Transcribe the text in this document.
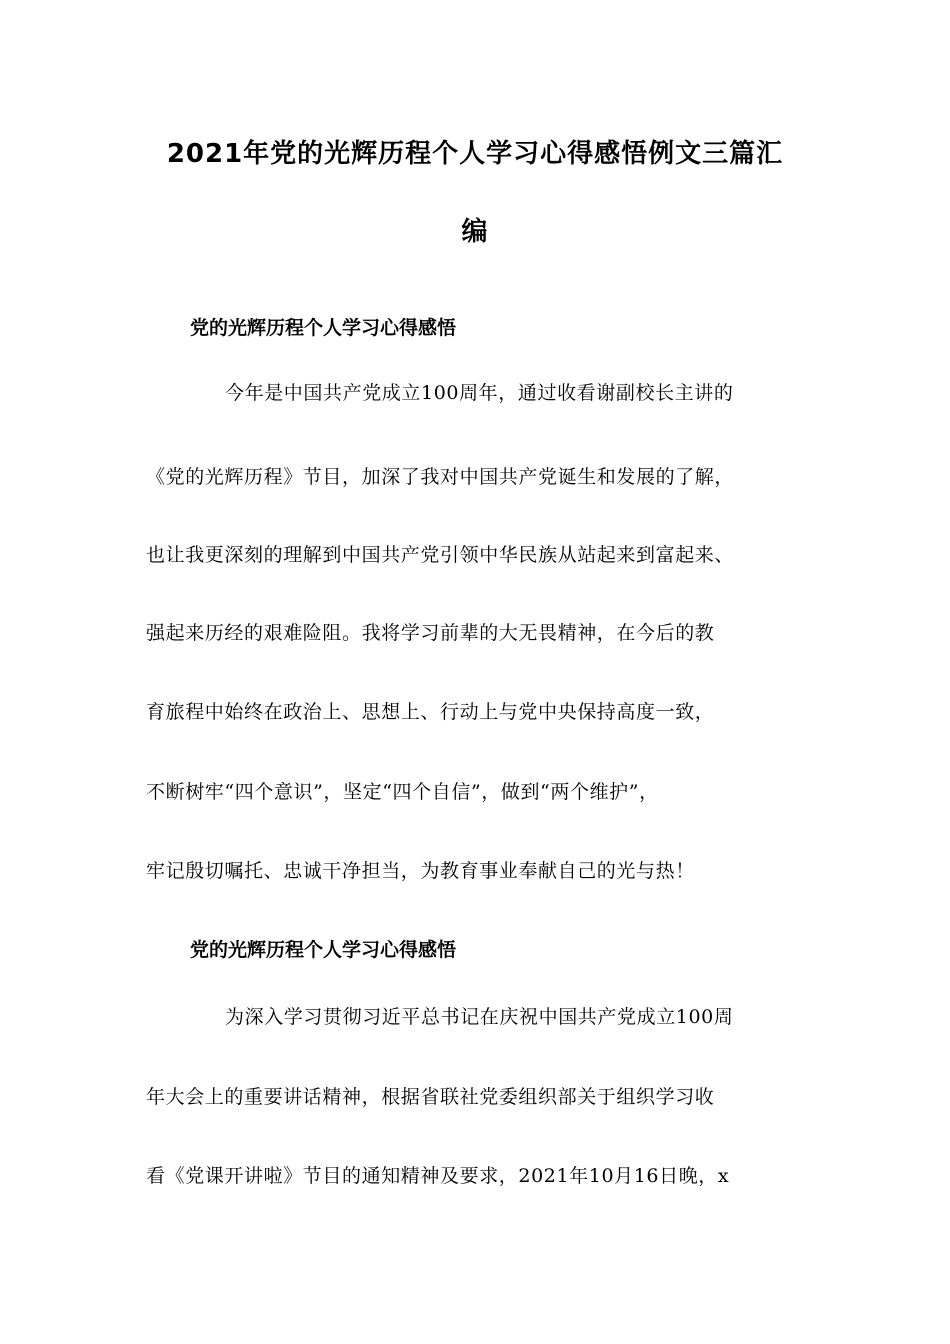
2021年党的光辉历程个人学习心得感悟例文三篇汇
编
党的光辉历程个人学习心得感悟
今年是中国共产党成立100周年，通过收看谢副校长主讲的
《党的光辉历程》节目，加深了我对中国共产党诞生和发展的了解，
也让我更深刻的理解到中国共产党引领中华民族从站起来到富起来、
强起来历经的艰难险阻。我将学习前辈的大无畏精神，在今后的教
育旅程中始终在政治上、思想上、行动上与党中央保持高度一致，
不断树牢“四个意识”，坚定“四个自信”，做到“两个维护”，
牢记殷切嘱托、忠诚干净担当，为教育事业奉献自己的光与热！
党的光辉历程个人学习心得感悟
为深入学习贯彻习近平总书记在庆祝中国共产党成立100周
年大会上的重要讲话精神，根据省联社党委组织部关于组织学习收
看《党课开讲啦》节目的通知精神及要求，2021年10月16日晚，x
